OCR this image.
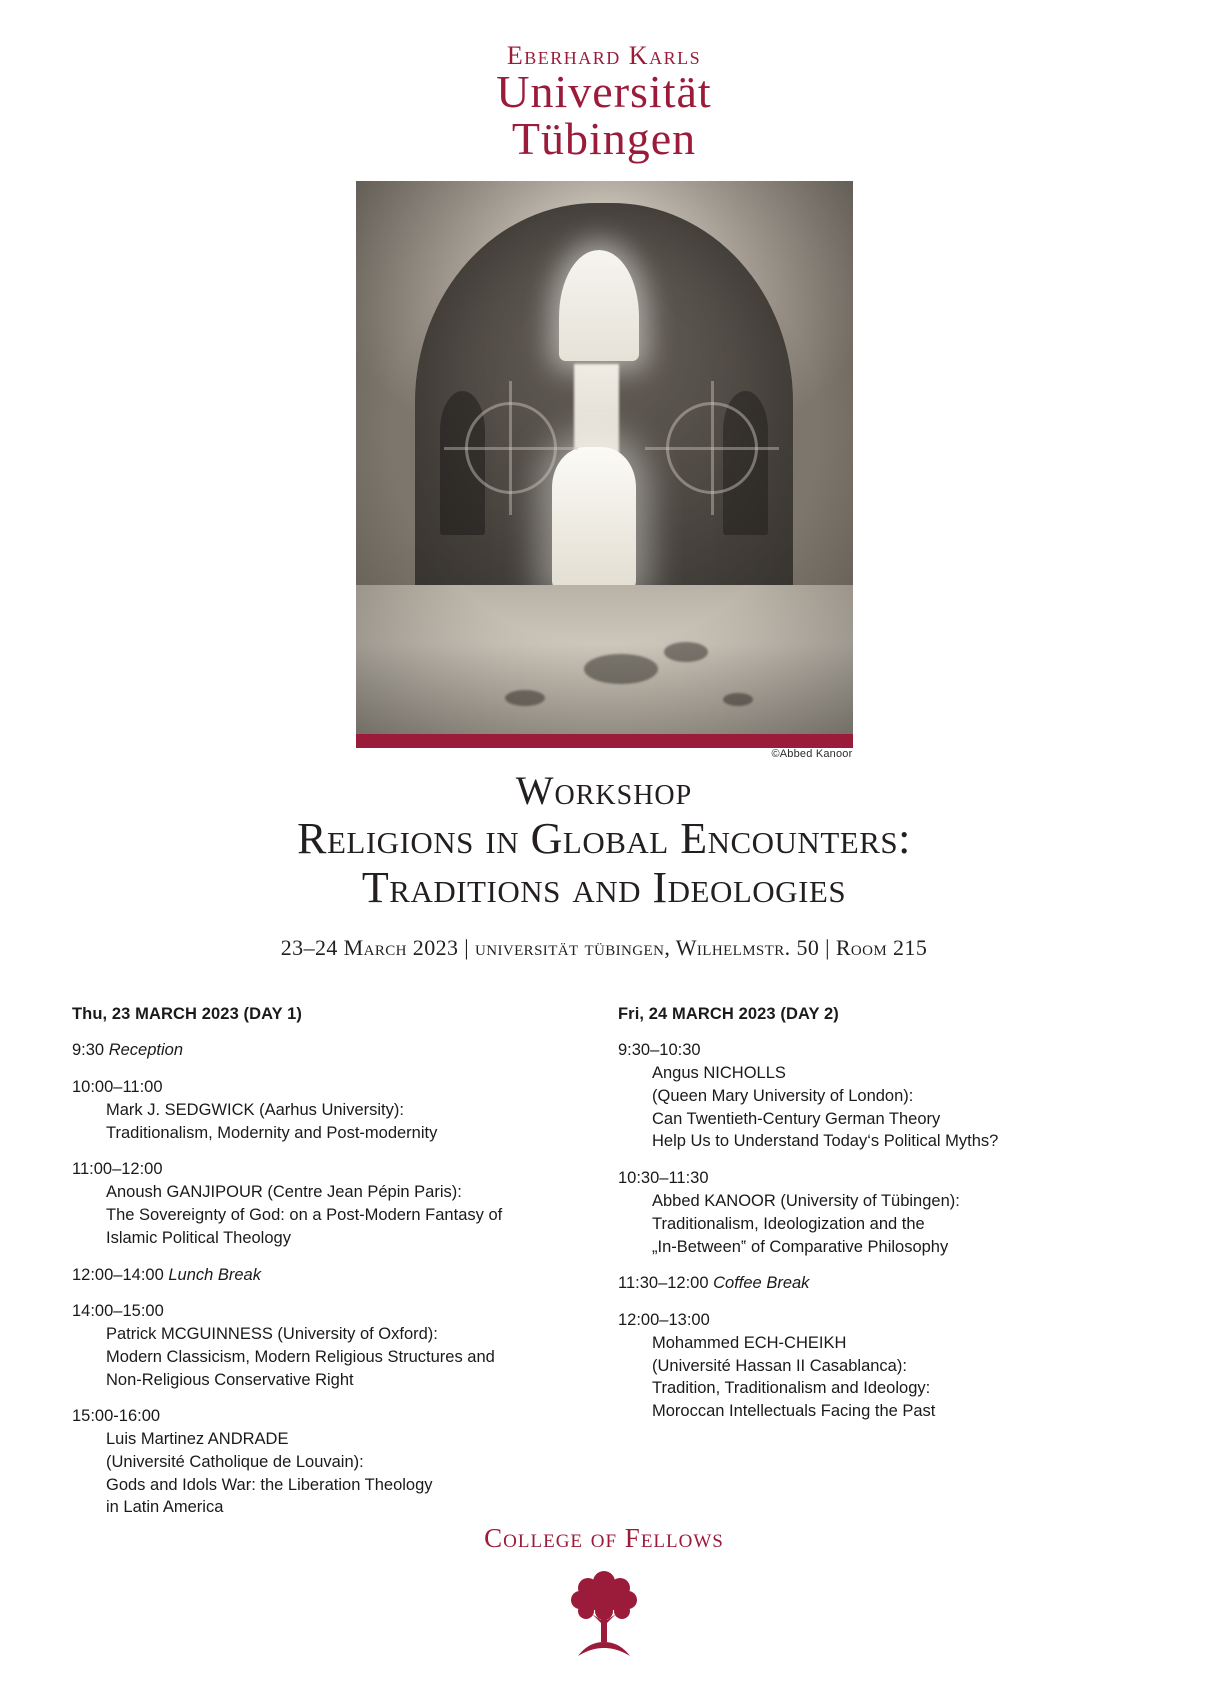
Eberhard Karls
Universität
Tübingen
©Abbed Kanoor
Workshop
Religions in Global Encounters:
Traditions and Ideologies
23–24 March 2023 | universität tübingen, Wilhelmstr. 50 | Room 215
Thu, 23 MARCH 2023 (DAY 1)
9:30 Reception
10:00–11:00
Mark J. SEDGWICK (Aarhus University):
Traditionalism, Modernity and Post-modernity
11:00–12:00
Anoush GANJIPOUR (Centre Jean Pépin Paris):
The Sovereignty of God: on a Post-Modern Fantasy of
Islamic Political Theology
12:00–14:00 Lunch Break
14:00–15:00
Patrick MCGUINNESS (University of Oxford):
Modern Classicism, Modern Religious Structures and
Non-Religious Conservative Right
15:00-16:00
Luis Martinez ANDRADE
(Université Catholique de Louvain):
Gods and Idols War: the Liberation Theology
in Latin America
Fri, 24 MARCH 2023 (DAY 2)
9:30–10:30
Angus NICHOLLS
(Queen Mary University of London):
Can Twentieth-Century German Theory
Help Us to Understand Today‘s Political Myths?
10:30–11:30
Abbed KANOOR (University of Tübingen):
Traditionalism, Ideologization and the
„In-Between‟ of Comparative Philosophy
11:30–12:00 Coffee Break
12:00–13:00
Mohammed ECH-CHEIKH
(Université Hassan II Casablanca):
Tradition, Traditionalism and Ideology:
Moroccan Intellectuals Facing the Past
College of Fellows
